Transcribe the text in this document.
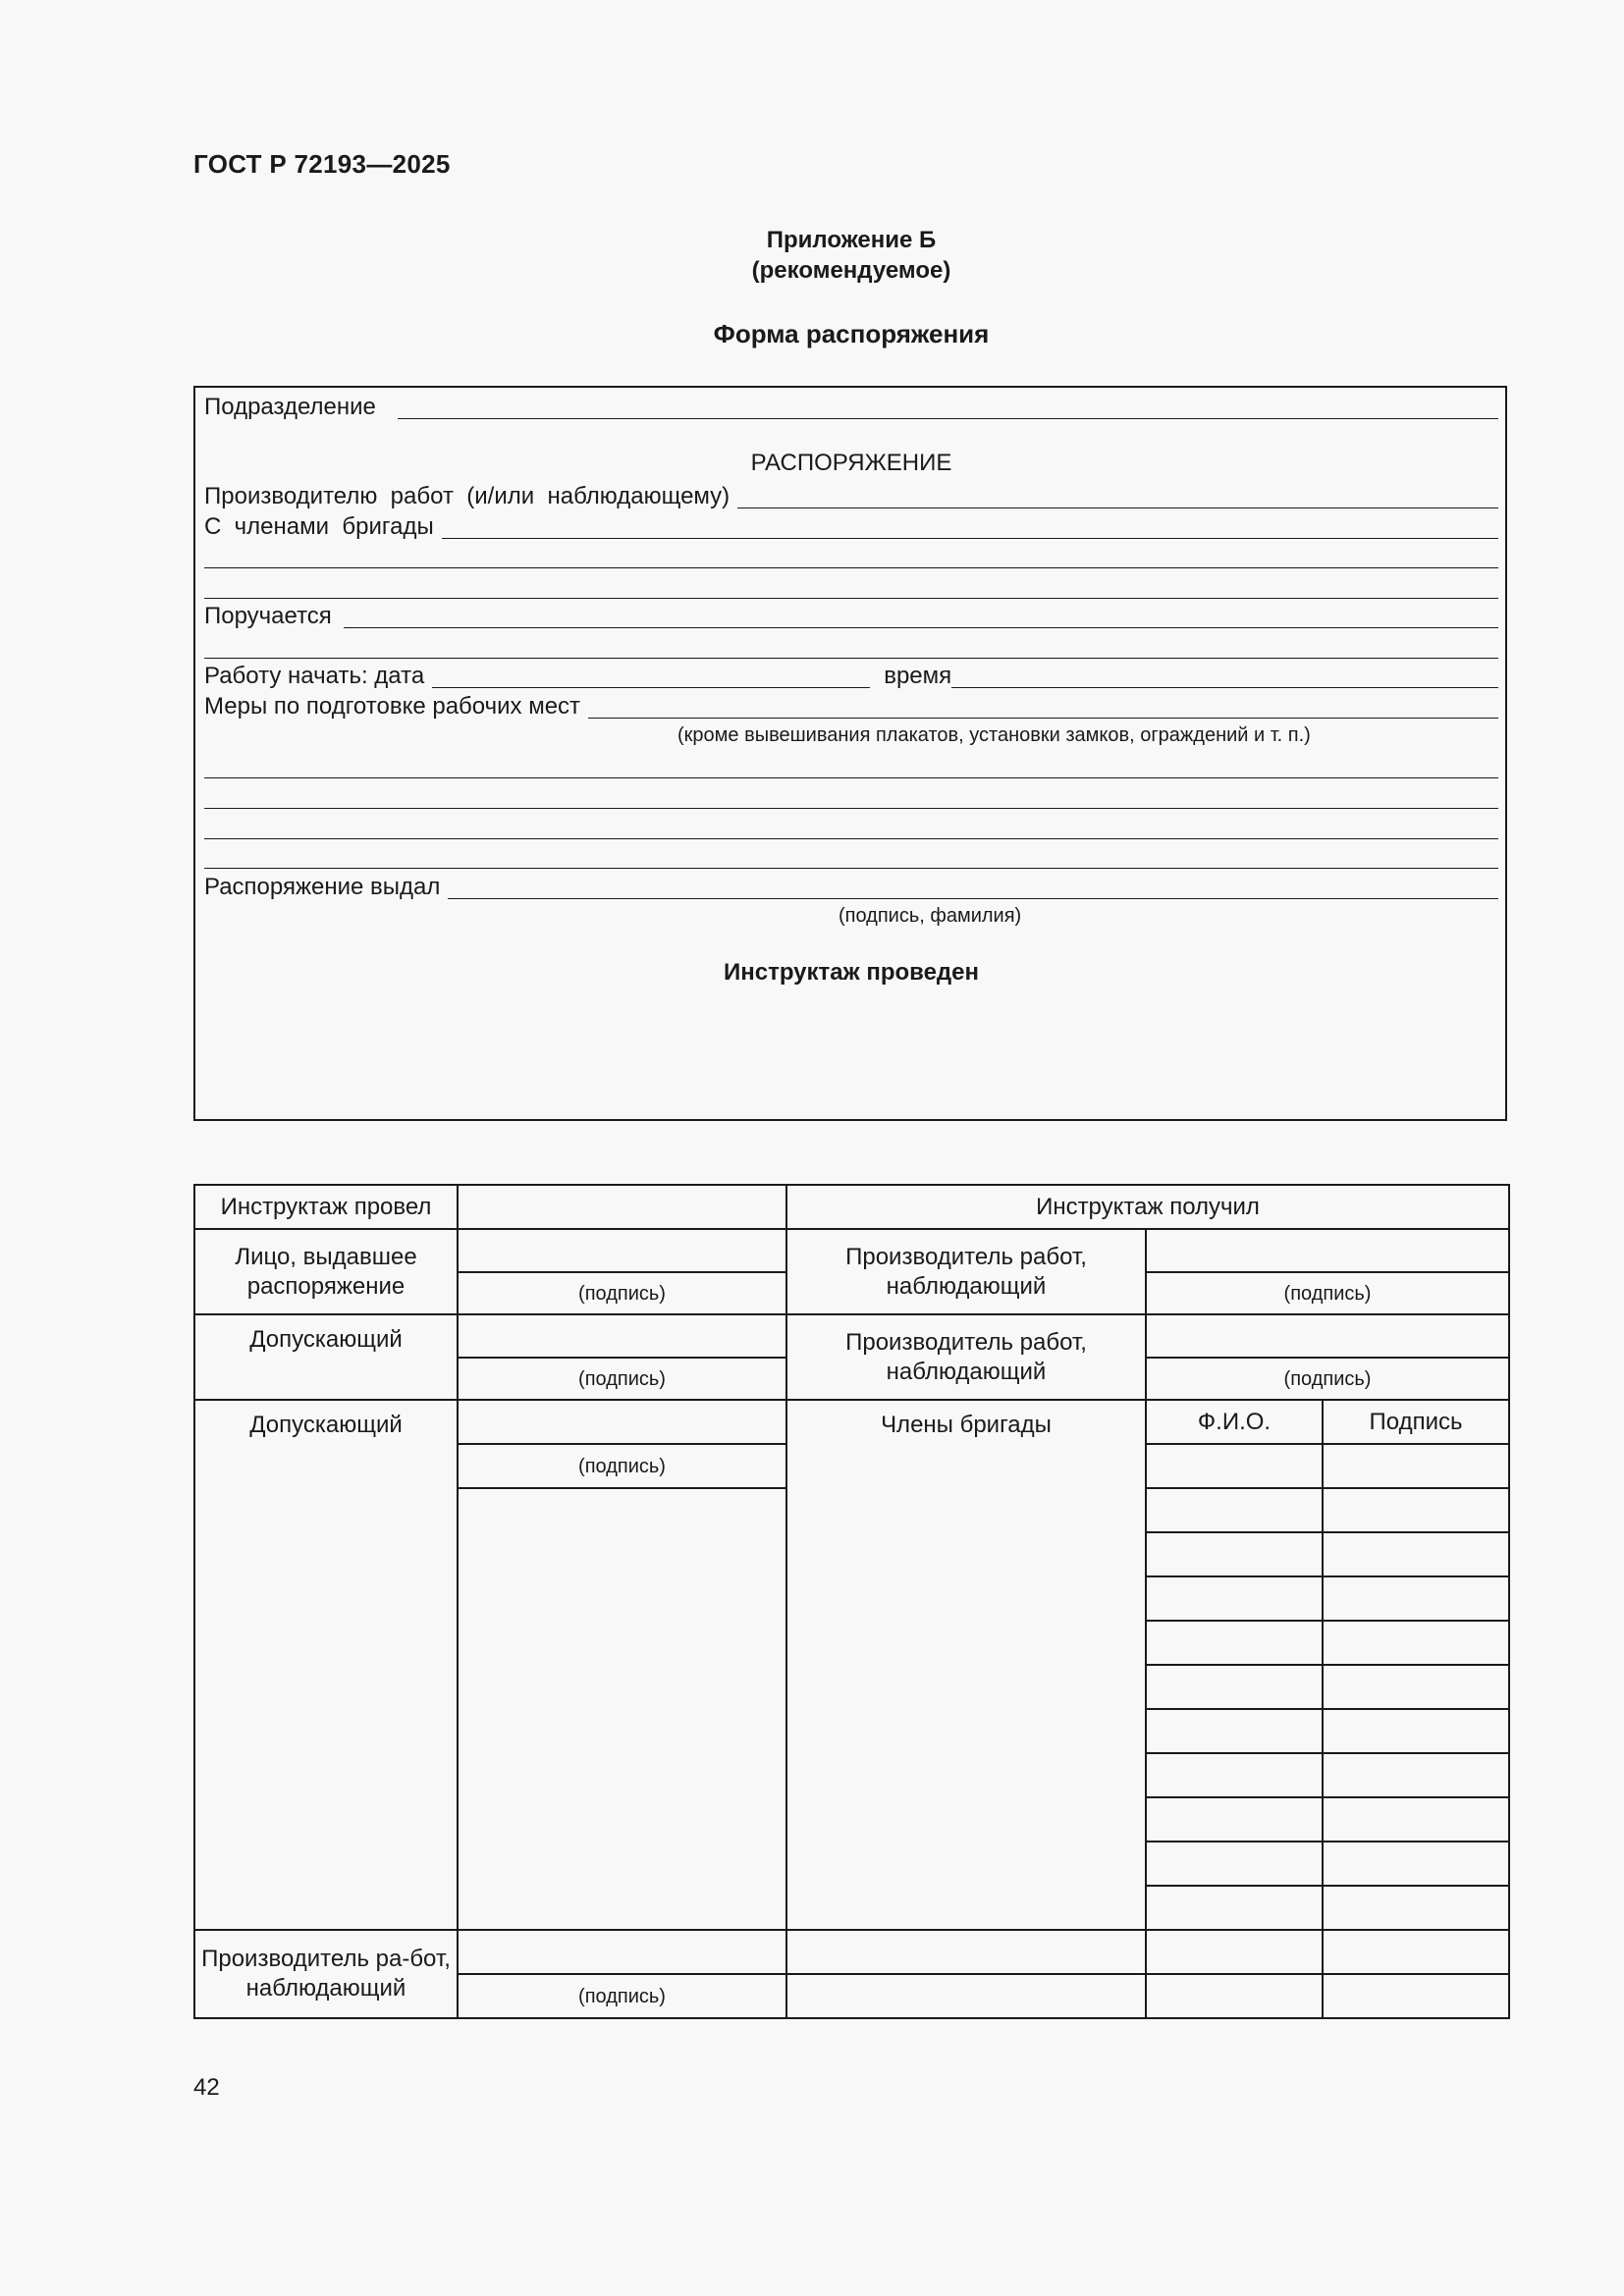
ГОСТ Р 72193—2025
Приложение Б
(рекомендуемое)
Форма распоряжения
Подразделение
РАСПОРЯЖЕНИЕ
Производителю  работ  (и/или  наблюдающему)
С  членами  бригады
Поручается
Работу начать: дата	время
Меры по подготовке рабочих мест
(кроме вывешивания плакатов, установки замков, ограждений и т. п.)
Распоряжение выдал
(подпись, фамилия)
Инструктаж проведен
Инструктаж провел		Инструктаж получил		
Лицо, выдавшее распоряжение		Производитель работ, наблюдающий		
	(подпись)		(подпись)	
Допускающий		Производитель работ, наблюдающий		
	(подпись)		(подпись)	
Допускающий		Члены бригады	Ф.И.О.	Подпись
	(подпись)			

Производитель ра-бот, наблюдающий				
	(подпись)			
42
